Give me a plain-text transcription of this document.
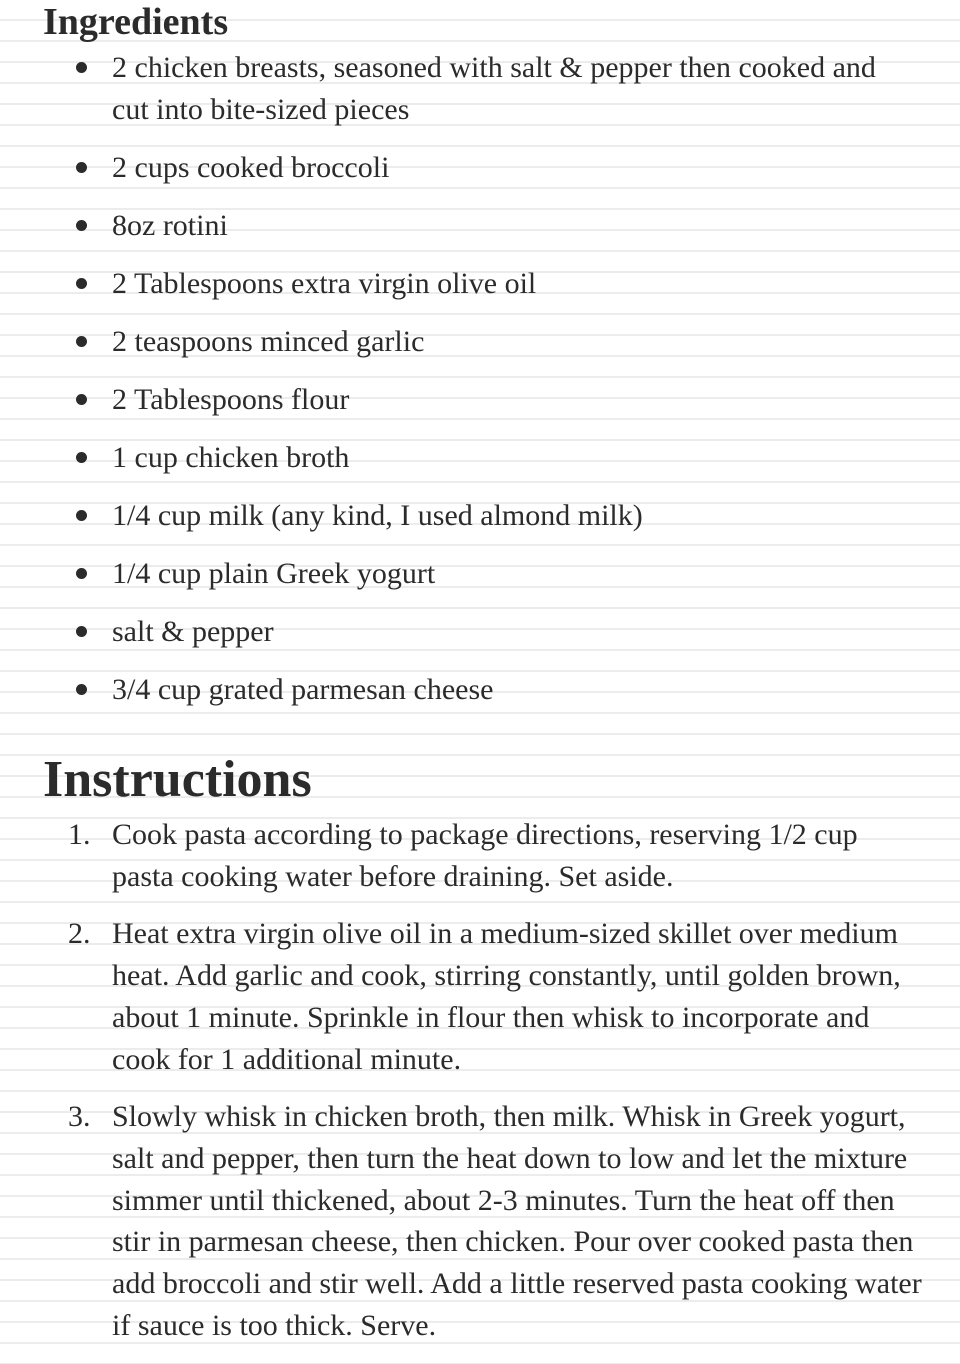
Ingredients
2 chicken breasts, seasoned with salt & pepper then cooked and cut into bite-sized pieces
2 cups cooked broccoli
8oz rotini
2 Tablespoons extra virgin olive oil
2 teaspoons minced garlic
2 Tablespoons flour
1 cup chicken broth
1/4 cup milk (any kind, I used almond milk)
1/4 cup plain Greek yogurt
salt & pepper
3/4 cup grated parmesan cheese
Instructions
1. Cook pasta according to package directions, reserving 1/2 cup pasta cooking water before draining. Set aside.
2. Heat extra virgin olive oil in a medium-sized skillet over medium heat. Add garlic and cook, stirring constantly, until golden brown, about 1 minute. Sprinkle in flour then whisk to incorporate and cook for 1 additional minute.
3. Slowly whisk in chicken broth, then milk. Whisk in Greek yogurt, salt and pepper, then turn the heat down to low and let the mixture simmer until thickened, about 2-3 minutes. Turn the heat off then stir in parmesan cheese, then chicken. Pour over cooked pasta then add broccoli and stir well. Add a little reserved pasta cooking water if sauce is too thick. Serve.
